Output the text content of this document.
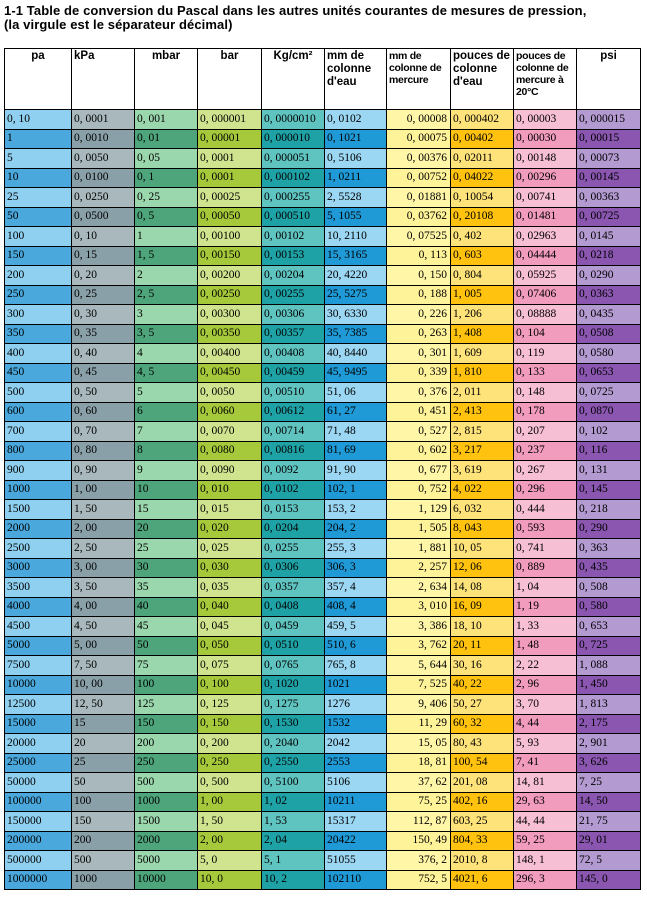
1-1 Table de conversion du Pascal dans les autres unités courantes de mesures de pression,
(la virgule est le séparateur décimal)
pa	kPa	mbar	bar	Kg/cm²	mm de colonne d'eau	mm de colonne de mercure	pouces de colonne d'eau	pouces de colonne de mercure à 20°C	psi
0, 10	0, 0001	0, 001	0, 000001	0, 0000010	0, 0102	0, 00008	0, 000402	0, 00003	0, 000015
1	0, 0010	0, 01	0, 00001	0, 000010	0, 1021	0, 00075	0, 00402	0, 00030	0, 00015
5	0, 0050	0, 05	0, 0001	0, 000051	0, 5106	0, 00376	0, 02011	0, 00148	0, 00073
10	0, 0100	0, 1	0, 0001	0, 000102	1, 0211	0, 00752	0, 04022	0, 00296	0, 00145
25	0, 0250	0, 25	0, 00025	0, 000255	2, 5528	0, 01881	0, 10054	0, 00741	0, 00363
50	0, 0500	0, 5	0, 00050	0, 000510	5, 1055	0, 03762	0, 20108	0, 01481	0, 00725
100	0, 10	1	0, 00100	0, 00102	10, 2110	0, 07525	0, 402	0, 02963	0, 0145
150	0, 15	1, 5	0, 00150	0, 00153	15, 3165	0, 113	0, 603	0, 04444	0, 0218
200	0, 20	2	0, 00200	0, 00204	20, 4220	0, 150	0, 804	0, 05925	0, 0290
250	0, 25	2, 5	0, 00250	0, 00255	25, 5275	0, 188	1, 005	0, 07406	0, 0363
300	0, 30	3	0, 00300	0, 00306	30, 6330	0, 226	1, 206	0, 08888	0, 0435
350	0, 35	3, 5	0, 00350	0, 00357	35, 7385	0, 263	1, 408	0, 104	0, 0508
400	0, 40	4	0, 00400	0, 00408	40, 8440	0, 301	1, 609	0, 119	0, 0580
450	0, 45	4, 5	0, 00450	0, 00459	45, 9495	0, 339	1, 810	0, 133	0, 0653
500	0, 50	5	0, 0050	0, 00510	51, 06	0, 376	2, 011	0, 148	0, 0725
600	0, 60	6	0, 0060	0, 00612	61, 27	0, 451	2, 413	0, 178	0, 0870
700	0, 70	7	0, 0070	0, 00714	71, 48	0, 527	2, 815	0, 207	0, 102
800	0, 80	8	0, 0080	0, 00816	81, 69	0, 602	3, 217	0, 237	0, 116
900	0, 90	9	0, 0090	0, 0092	91, 90	0, 677	3, 619	0, 267	0, 131
1000	1, 00	10	0, 010	0, 0102	102, 1	0, 752	4, 022	0, 296	0, 145
1500	1, 50	15	0, 015	0, 0153	153, 2	1, 129	6, 032	0, 444	0, 218
2000	2, 00	20	0, 020	0, 0204	204, 2	1, 505	8, 043	0, 593	0, 290
2500	2, 50	25	0, 025	0, 0255	255, 3	1, 881	10, 05	0, 741	0, 363
3000	3, 00	30	0, 030	0, 0306	306, 3	2, 257	12, 06	0, 889	0, 435
3500	3, 50	35	0, 035	0, 0357	357, 4	2, 634	14, 08	1, 04	0, 508
4000	4, 00	40	0, 040	0, 0408	408, 4	3, 010	16, 09	1, 19	0, 580
4500	4, 50	45	0, 045	0, 0459	459, 5	3, 386	18, 10	1, 33	0, 653
5000	5, 00	50	0, 050	0, 0510	510, 6	3, 762	20, 11	1, 48	0, 725
7500	7, 50	75	0, 075	0, 0765	765, 8	5, 644	30, 16	2, 22	1, 088
10000	10, 00	100	0, 100	0, 1020	1021	7, 525	40, 22	2, 96	1, 450
12500	12, 50	125	0, 125	0, 1275	1276	9, 406	50, 27	3, 70	1, 813
15000	15	150	0, 150	0, 1530	1532	11, 29	60, 32	4, 44	2, 175
20000	20	200	0, 200	0, 2040	2042	15, 05	80, 43	5, 93	2, 901
25000	25	250	0, 250	0, 2550	2553	18, 81	100, 54	7, 41	3, 626
50000	50	500	0, 500	0, 5100	5106	37, 62	201, 08	14, 81	7, 25
100000	100	1000	1, 00	1, 02	10211	75, 25	402, 16	29, 63	14, 50
150000	150	1500	1, 50	1, 53	15317	112, 87	603, 25	44, 44	21, 75
200000	200	2000	2, 00	2, 04	20422	150, 49	804, 33	59, 25	29, 01
500000	500	5000	5, 0	5, 1	51055	376, 2	2010, 8	148, 1	72, 5
1000000	1000	10000	10, 0	10, 2	102110	752, 5	4021, 6	296, 3	145, 0
